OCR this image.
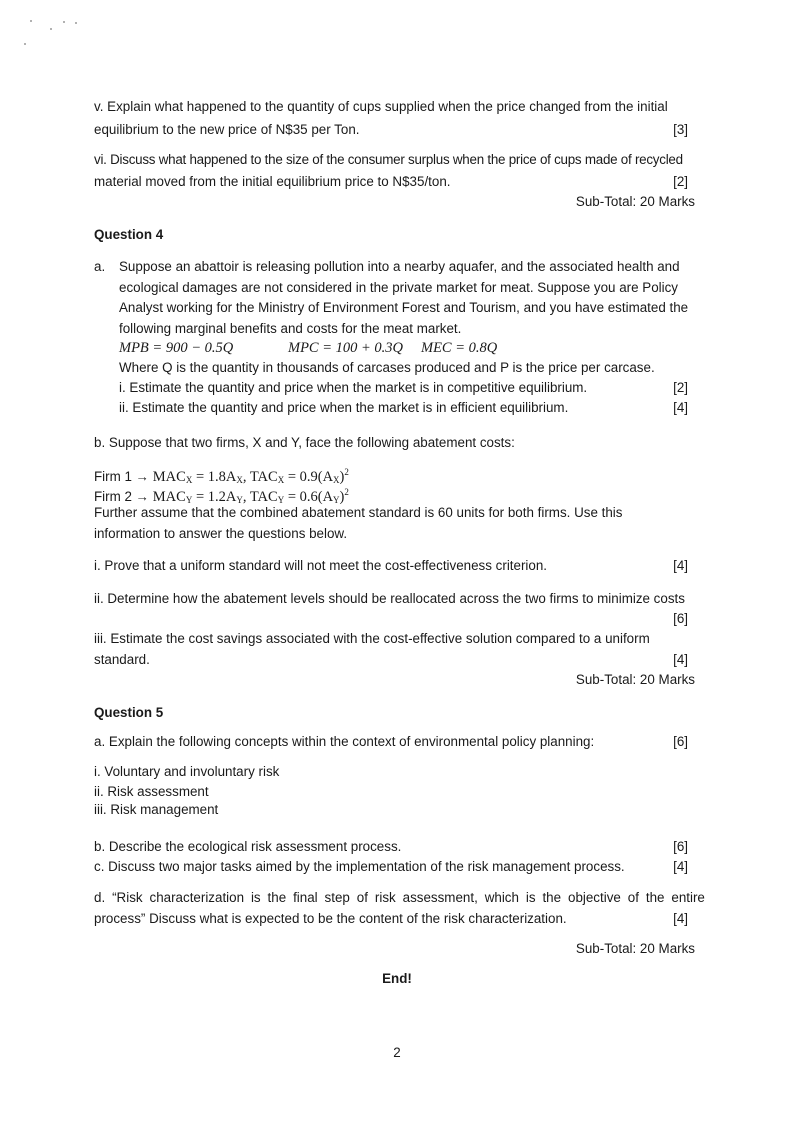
v. Explain what happened to the quantity of cups supplied when the price changed from the initial
equilibrium to the new price of N$35 per Ton.	[3]
vi. Discuss what happened to the size of the consumer surplus when the price of cups made of recycled
material moved from the initial equilibrium price to N$35/ton.	[2]
Sub-Total: 20 Marks
Question 4
a. Suppose an abattoir is releasing pollution into a nearby aquafer, and the associated health and
ecological damages are not considered in the private market for meat. Suppose you are Policy
Analyst working for the Ministry of Environment Forest and Tourism, and you have estimated the
following marginal benefits and costs for the meat market.
MPB = 900 − 0.5Q	MPC = 100 + 0.3Q MEC = 0.8Q
Where Q is the quantity in thousands of carcases produced and P is the price per carcase.
i. Estimate the quantity and price when the market is in competitive equilibrium.	[2]
ii. Estimate the quantity and price when the market is in efficient equilibrium.	[4]
b. Suppose that two firms, X and Y, face the following abatement costs:
Firm $1 \to MAC_X = 1.8A_X$, $TAC_X = 0.9(A_X)^2$
Firm $2 \to MAC_Y = 1.2A_Y$, $TAC_Y = 0.6(A_Y)^2$
Further assume that the combined abatement standard is 60 units for both firms. Use this
information to answer the questions below.
i. Prove that a uniform standard will not meet the cost-effectiveness criterion.	[4]
ii. Determine how the abatement levels should be reallocated across the two firms to minimize costs
[6]
iii. Estimate the cost savings associated with the cost-effective solution compared to a uniform
standard.	[4]
Sub-Total: 20 Marks
Question 5
a. Explain the following concepts within the context of environmental policy planning:	[6]
i. Voluntary and involuntary risk
ii. Risk assessment
iii. Risk management
b. Describe the ecological risk assessment process.	[6]
c. Discuss two major tasks aimed by the implementation of the risk management process.	[4]
d. “Risk characterization is the final step of risk assessment, which is the objective of the entire
process” Discuss what is expected to be the content of the risk characterization.	[4]
Sub-Total: 20 Marks
End!
2
